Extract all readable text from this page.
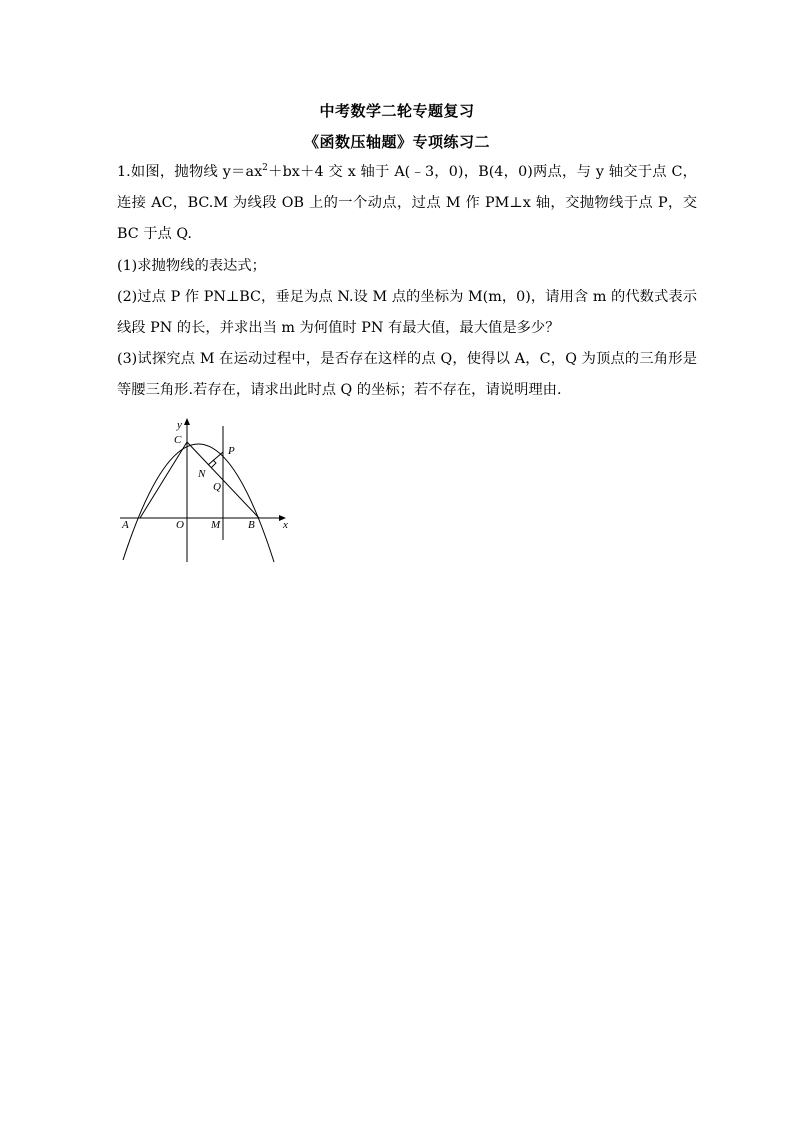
中考数学二轮专题复习
《函数压轴题》专项练习二
1.如图，抛物线 $y=ax^2+bx+4$ 交 x 轴于 A(﹣3，0)，B(4，0)两点，与 y 轴交于点 C，连接 AC，BC.M 为线段 OB 上的一个动点，过点 M 作 PM⊥x 轴，交抛物线于点 P，交 BC 于点 Q.
(1)求抛物线的表达式；
(2)过点 P 作 PN⊥BC，垂足为点 N.设 M 点的坐标为 M(m，0)，请用含 m 的代数式表示线段 PN 的长，并求出当 m 为何值时 PN 有最大值，最大值是多少？
(3)试探究点 M 在运动过程中，是否存在这样的点 Q，使得以 A，C，Q 为顶点的三角形是等腰三角形.若存在，请求出此时点 Q 的坐标；若不存在，请说明理由.
y
x
C
P
N
Q
A	O M	B
